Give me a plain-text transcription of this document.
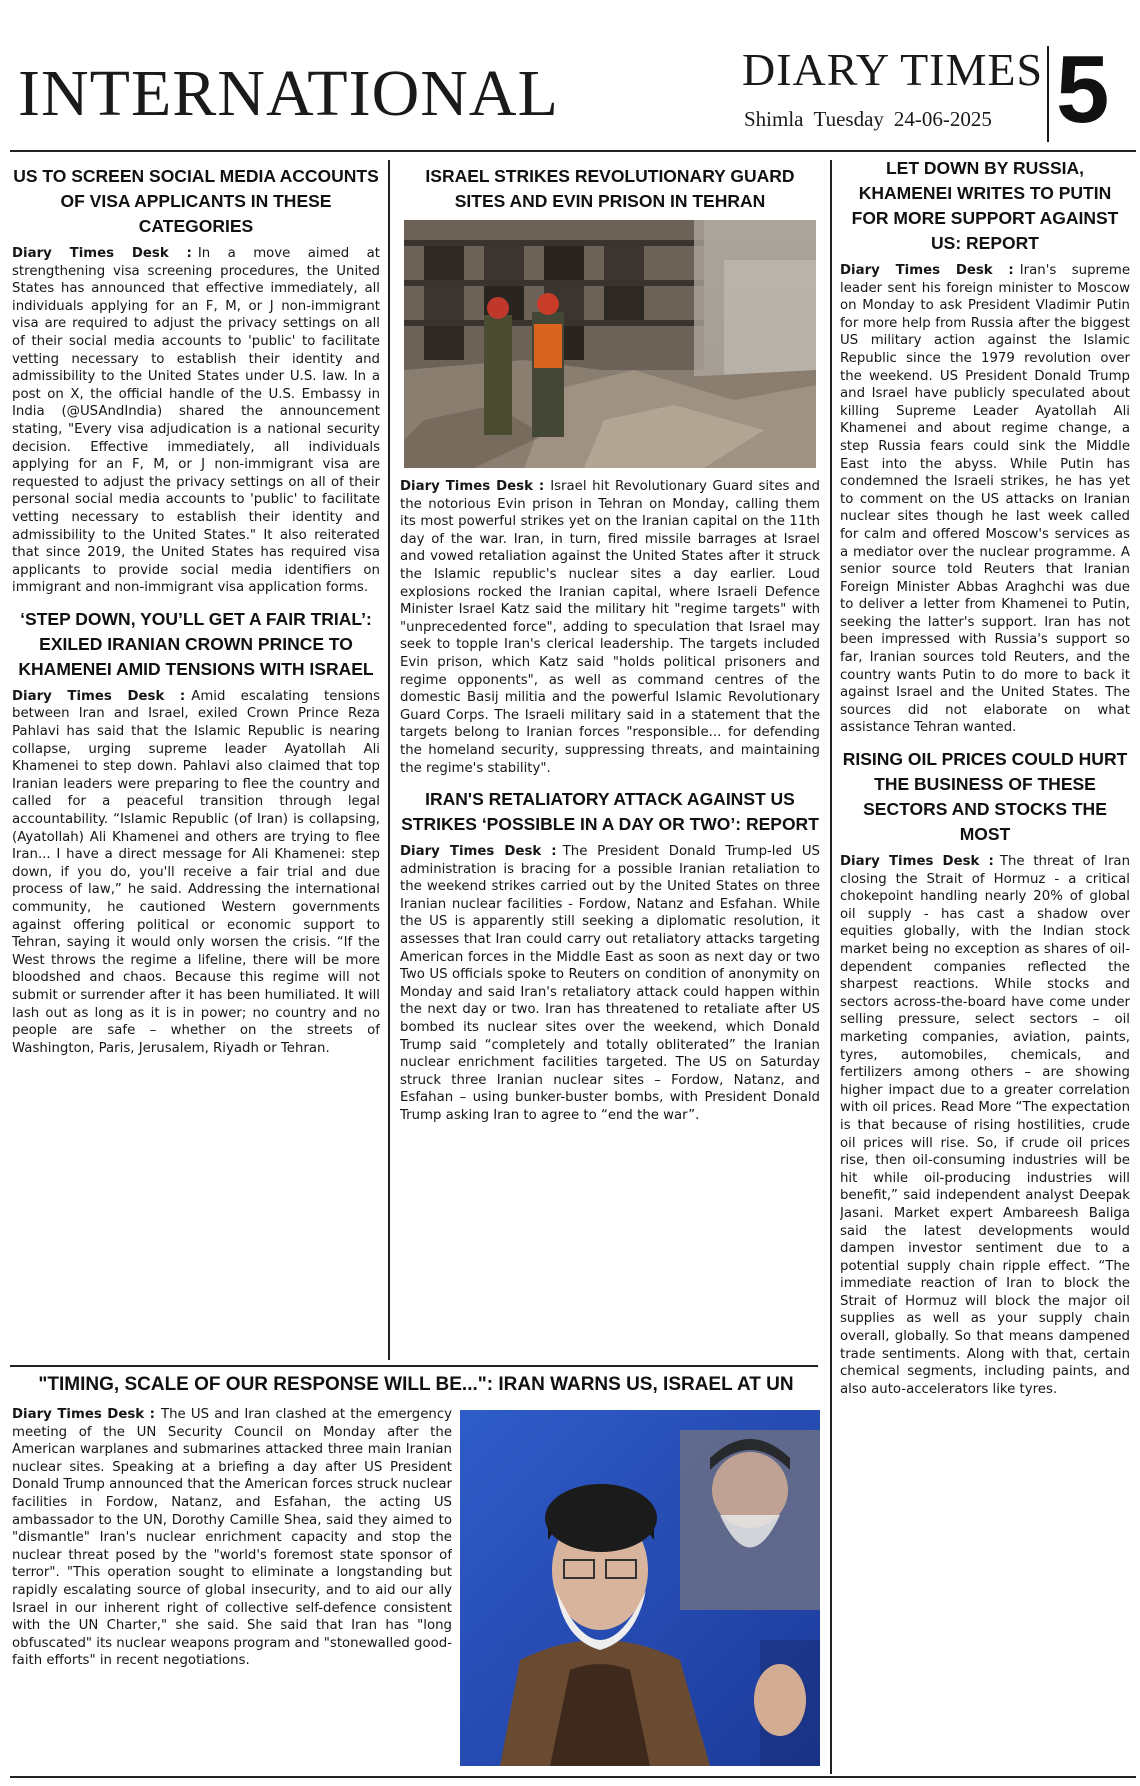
INTERNATIONAL	DIARY TIMES
Shimla Tuesday 24-06-2025 5
US TO SCREEN SOCIAL MEDIA ACCOUNTS OF VISA APPLICANTS IN THESE CATEGORIES

Diary Times Desk : In a move aimed at strengthening visa screening procedures, the United States has announced that effective immediately, all individuals applying for an F, M, or J non-immigrant visa are required to adjust the privacy settings on all of their social media accounts to 'public' to facilitate vetting necessary to establish their identity and admissibility to the United States under U.S. law. In a post on X, the official handle of the U.S. Embassy in India (@USAndIndia) shared the announcement stating, "Every visa adjudication is a national security decision. Effective immediately, all individuals applying for an F, M, or J non-immigrant visa are requested to adjust the privacy settings on all of their personal social media accounts to 'public' to facilitate vetting necessary to establish their identity and admissibility to the United States." It also reiterated that since 2019, the United States has required visa applicants to provide social media identifiers on immigrant and non-immigrant visa application forms.

‘STEP DOWN, YOU’LL GET A FAIR TRIAL’: EXILED IRANIAN CROWN PRINCE TO KHAMENEI AMID TENSIONS WITH ISRAEL

Diary Times Desk : Amid escalating tensions between Iran and Israel, exiled Crown Prince Reza Pahlavi has said that the Islamic Republic is nearing collapse, urging supreme leader Ayatollah Ali Khamenei to step down. Pahlavi also claimed that top Iranian leaders were preparing to flee the country and called for a peaceful transition through legal accountability. “Islamic Republic (of Iran) is collapsing, (Ayatollah) Ali Khamenei and others are trying to flee Iran... I have a direct message for Ali Khamenei: step down, if you do, you'll receive a fair trial and due process of law,” he said. Addressing the international community, he cautioned Western governments against offering political or economic support to Tehran, saying it would only worsen the crisis. “If the West throws the regime a lifeline, there will be more bloodshed and chaos. Because this regime will not submit or surrender after it has been humiliated. It will lash out as long as it is in power; no country and no people are safe – whether on the streets of Washington, Paris, Jerusalem, Riyadh or Tehran.

ISRAEL STRIKES REVOLUTIONARY GUARD SITES AND EVIN PRISON IN TEHRAN

Diary Times Desk : Israel hit Revolutionary Guard sites and the notorious Evin prison in Tehran on Monday, calling them its most powerful strikes yet on the Iranian capital on the 11th day of the war. Iran, in turn, fired missile barrages at Israel and vowed retaliation against the United States after it struck the Islamic republic's nuclear sites a day earlier. Loud explosions rocked the Iranian capital, where Israeli Defence Minister Israel Katz said the military hit "regime targets" with "unprecedented force", adding to speculation that Israel may seek to topple Iran's clerical leadership. The targets included Evin prison, which Katz said "holds political prisoners and regime opponents", as well as command centres of the domestic Basij militia and the powerful Islamic Revolutionary Guard Corps. The Israeli military said in a statement that the targets belong to Iranian forces "responsible... for defending the homeland security, suppressing threats, and maintaining the regime's stability".

IRAN'S RETALIATORY ATTACK AGAINST US STRIKES ‘POSSIBLE IN A DAY OR TWO’: REPORT

Diary Times Desk : The President Donald Trump-led US administration is bracing for a possible Iranian retaliation to the weekend strikes carried out by the United States on three Iranian nuclear facilities - Fordow, Natanz and Esfahan. While the US is apparently still seeking a diplomatic resolution, it assesses that Iran could carry out retaliatory attacks targeting American forces in the Middle East as soon as next day or two Two US officials spoke to Reuters on condition of anonymity on Monday and said Iran's retaliatory attack could happen within the next day or two. Iran has threatened to retaliate after US bombed its nuclear sites over the weekend, which Donald Trump said “completely and totally obliterated” the Iranian nuclear enrichment facilities targeted. The US on Saturday struck three Iranian nuclear sites – Fordow, Natanz, and Esfahan – using bunker-buster bombs, with President Donald Trump asking Iran to agree to “end the war”.

LET DOWN BY RUSSIA, KHAMENEI WRITES TO PUTIN FOR MORE SUPPORT AGAINST US: REPORT

Diary Times Desk : Iran's supreme leader sent his foreign minister to Moscow on Monday to ask President Vladimir Putin for more help from Russia after the biggest US military action against the Islamic Republic since the 1979 revolution over the weekend. US President Donald Trump and Israel have publicly speculated about killing Supreme Leader Ayatollah Ali Khamenei and about regime change, a step Russia fears could sink the Middle East into the abyss. While Putin has condemned the Israeli strikes, he has yet to comment on the US attacks on Iranian nuclear sites though he last week called for calm and offered Moscow's services as a mediator over the nuclear programme. A senior source told Reuters that Iranian Foreign Minister Abbas Araghchi was due to deliver a letter from Khamenei to Putin, seeking the latter's support. Iran has not been impressed with Russia's support so far, Iranian sources told Reuters, and the country wants Putin to do more to back it against Israel and the United States. The sources did not elaborate on what assistance Tehran wanted.

RISING OIL PRICES COULD HURT THE BUSINESS OF THESE SECTORS AND STOCKS THE MOST

Diary Times Desk : The threat of Iran closing the Strait of Hormuz - a critical chokepoint handling nearly 20% of global oil supply - has cast a shadow over equities globally, with the Indian stock market being no exception as shares of oil-dependent companies reflected the sharpest reactions. While stocks and sectors across-the-board have come under selling pressure, select sectors – oil marketing companies, aviation, paints, tyres, automobiles, chemicals, and fertilizers among others – are showing higher impact due to a greater correlation with oil prices. Read More “The expectation is that because of rising hostilities, crude oil prices will rise. So, if crude oil prices rise, then oil-consuming industries will be hit while oil-producing industries will benefit,” said independent analyst Deepak Jasani. Market expert Ambareesh Baliga said the latest developments would dampen investor sentiment due to a potential supply chain ripple effect. “The immediate reaction of Iran to block the Strait of Hormuz will block the major oil supplies as well as your supply chain overall, globally. So that means dampened trade sentiments. Along with that, certain chemical segments, including paints, and also auto-accelerators like tyres.

"TIMING, SCALE OF OUR RESPONSE WILL BE...": IRAN WARNS US, ISRAEL AT UN

Diary Times Desk : The US and Iran clashed at the emergency meeting of the UN Security Council on Monday after the American warplanes and submarines attacked three main Iranian nuclear sites. Speaking at a briefing a day after US President Donald Trump announced that the American forces struck nuclear facilities in Fordow, Natanz, and Esfahan, the acting US ambassador to the UN, Dorothy Camille Shea, said they aimed to "dismantle" Iran's nuclear enrichment capacity and stop the nuclear threat posed by the "world's foremost state sponsor of terror". "This operation sought to eliminate a longstanding but rapidly escalating source of global insecurity, and to aid our ally Israel in our inherent right of collective self-defence consistent with the UN Charter," she said. She said that Iran has "long obfuscated" its nuclear weapons program and "stonewalled good-faith efforts" in recent negotiations.
